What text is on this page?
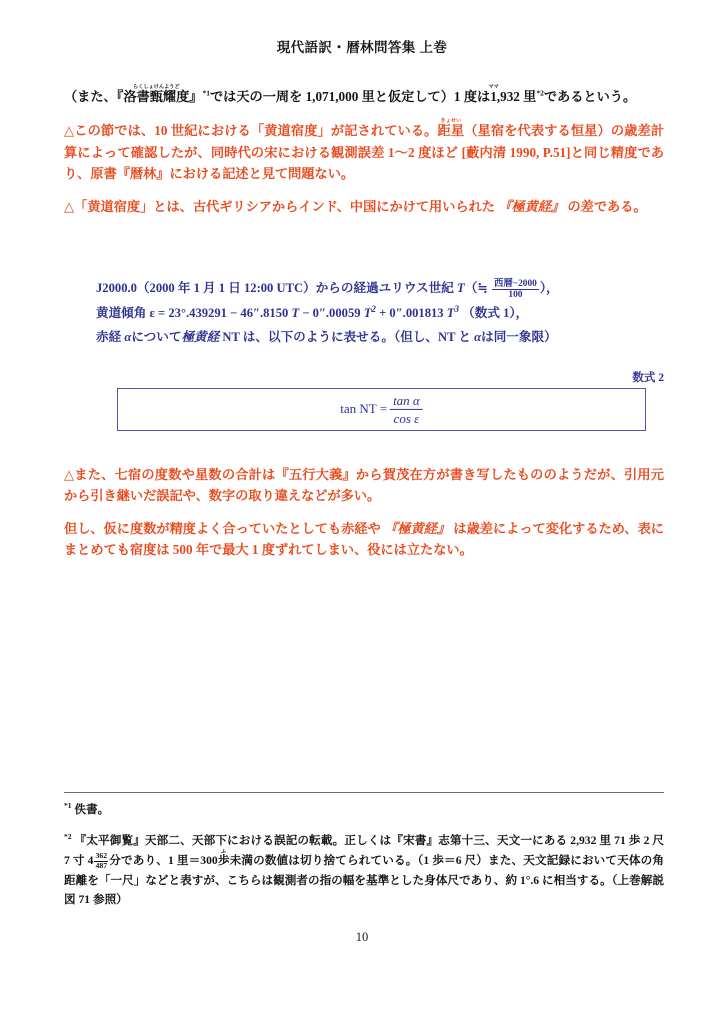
現代語訳・暦林問答集 上巻

（また、『洛書甄耀度らくしょけんようど』$^{*1}$では天の一周を 1,071,000 里と仮定して）1 度は1ママ,932 里$^{*2}$であるという。

△この節では、10 世紀における「黄道宿度」が記されている。距星きょせい（星宿を代表する恒星）の歳差計算によって確認したが、同時代の宋における観測誤差 1〜2 度ほど [藪内清 1990, P.51]と同じ精度であり、原書『暦林』における記述と見て問題ない。

△「黄道宿度」とは、古代ギリシアからインド、中国にかけて用いられた 『極黄経』 の差である。

J2000.0（2000 年 1 月 1 日 12:00 UTC）からの経過ユリウス世紀 T（≒ $\frac{\text{西暦−2000}}{100}$ ），
黄道傾角 ε = 23°.439291 − 46″.8150 T − 0″.00059 $T^2 + 0''.001813$ $T^3$ （数式 1），
赤経 αについて極黄経 NT は、以下のように表せる。（但し、NT と αは同一象限）
数式 2
tan NT = $\frac{\text{tan α}}{\text{cos ε}}$

△また、七宿の度数や星数の合計は『五行大義』から賀茂在方が書き写したもののようだが、引用元から引き継いだ誤記や、数字の取り違えなどが多い。

但し、仮に度数が精度よく合っていたとしても赤経や 『極黄経』 は歳差によって変化するため、表にまとめても宿度は 500 年で最大 1 度ずれてしまい、役には立たない。

$^{*1}$ 佚書。

$^{*2}$ 『太平御覧』天部二、天部下における誤記の転載。正しくは『宋書』志第十三、天文一にある 2,932 里 71 歩 2 尺 7 寸 $4 \frac{362}{487}$ 分であり、1 里＝300歩ふ未満の数値は切り捨てられている。（1 歩＝6 尺）また、天文記録において天体の角距離を「一尺」などと表すが、こちらは観測者の指の幅を基準とした身体尺であり、約 1°.6 に相当する。（上巻解説 図 71 参照）

10
